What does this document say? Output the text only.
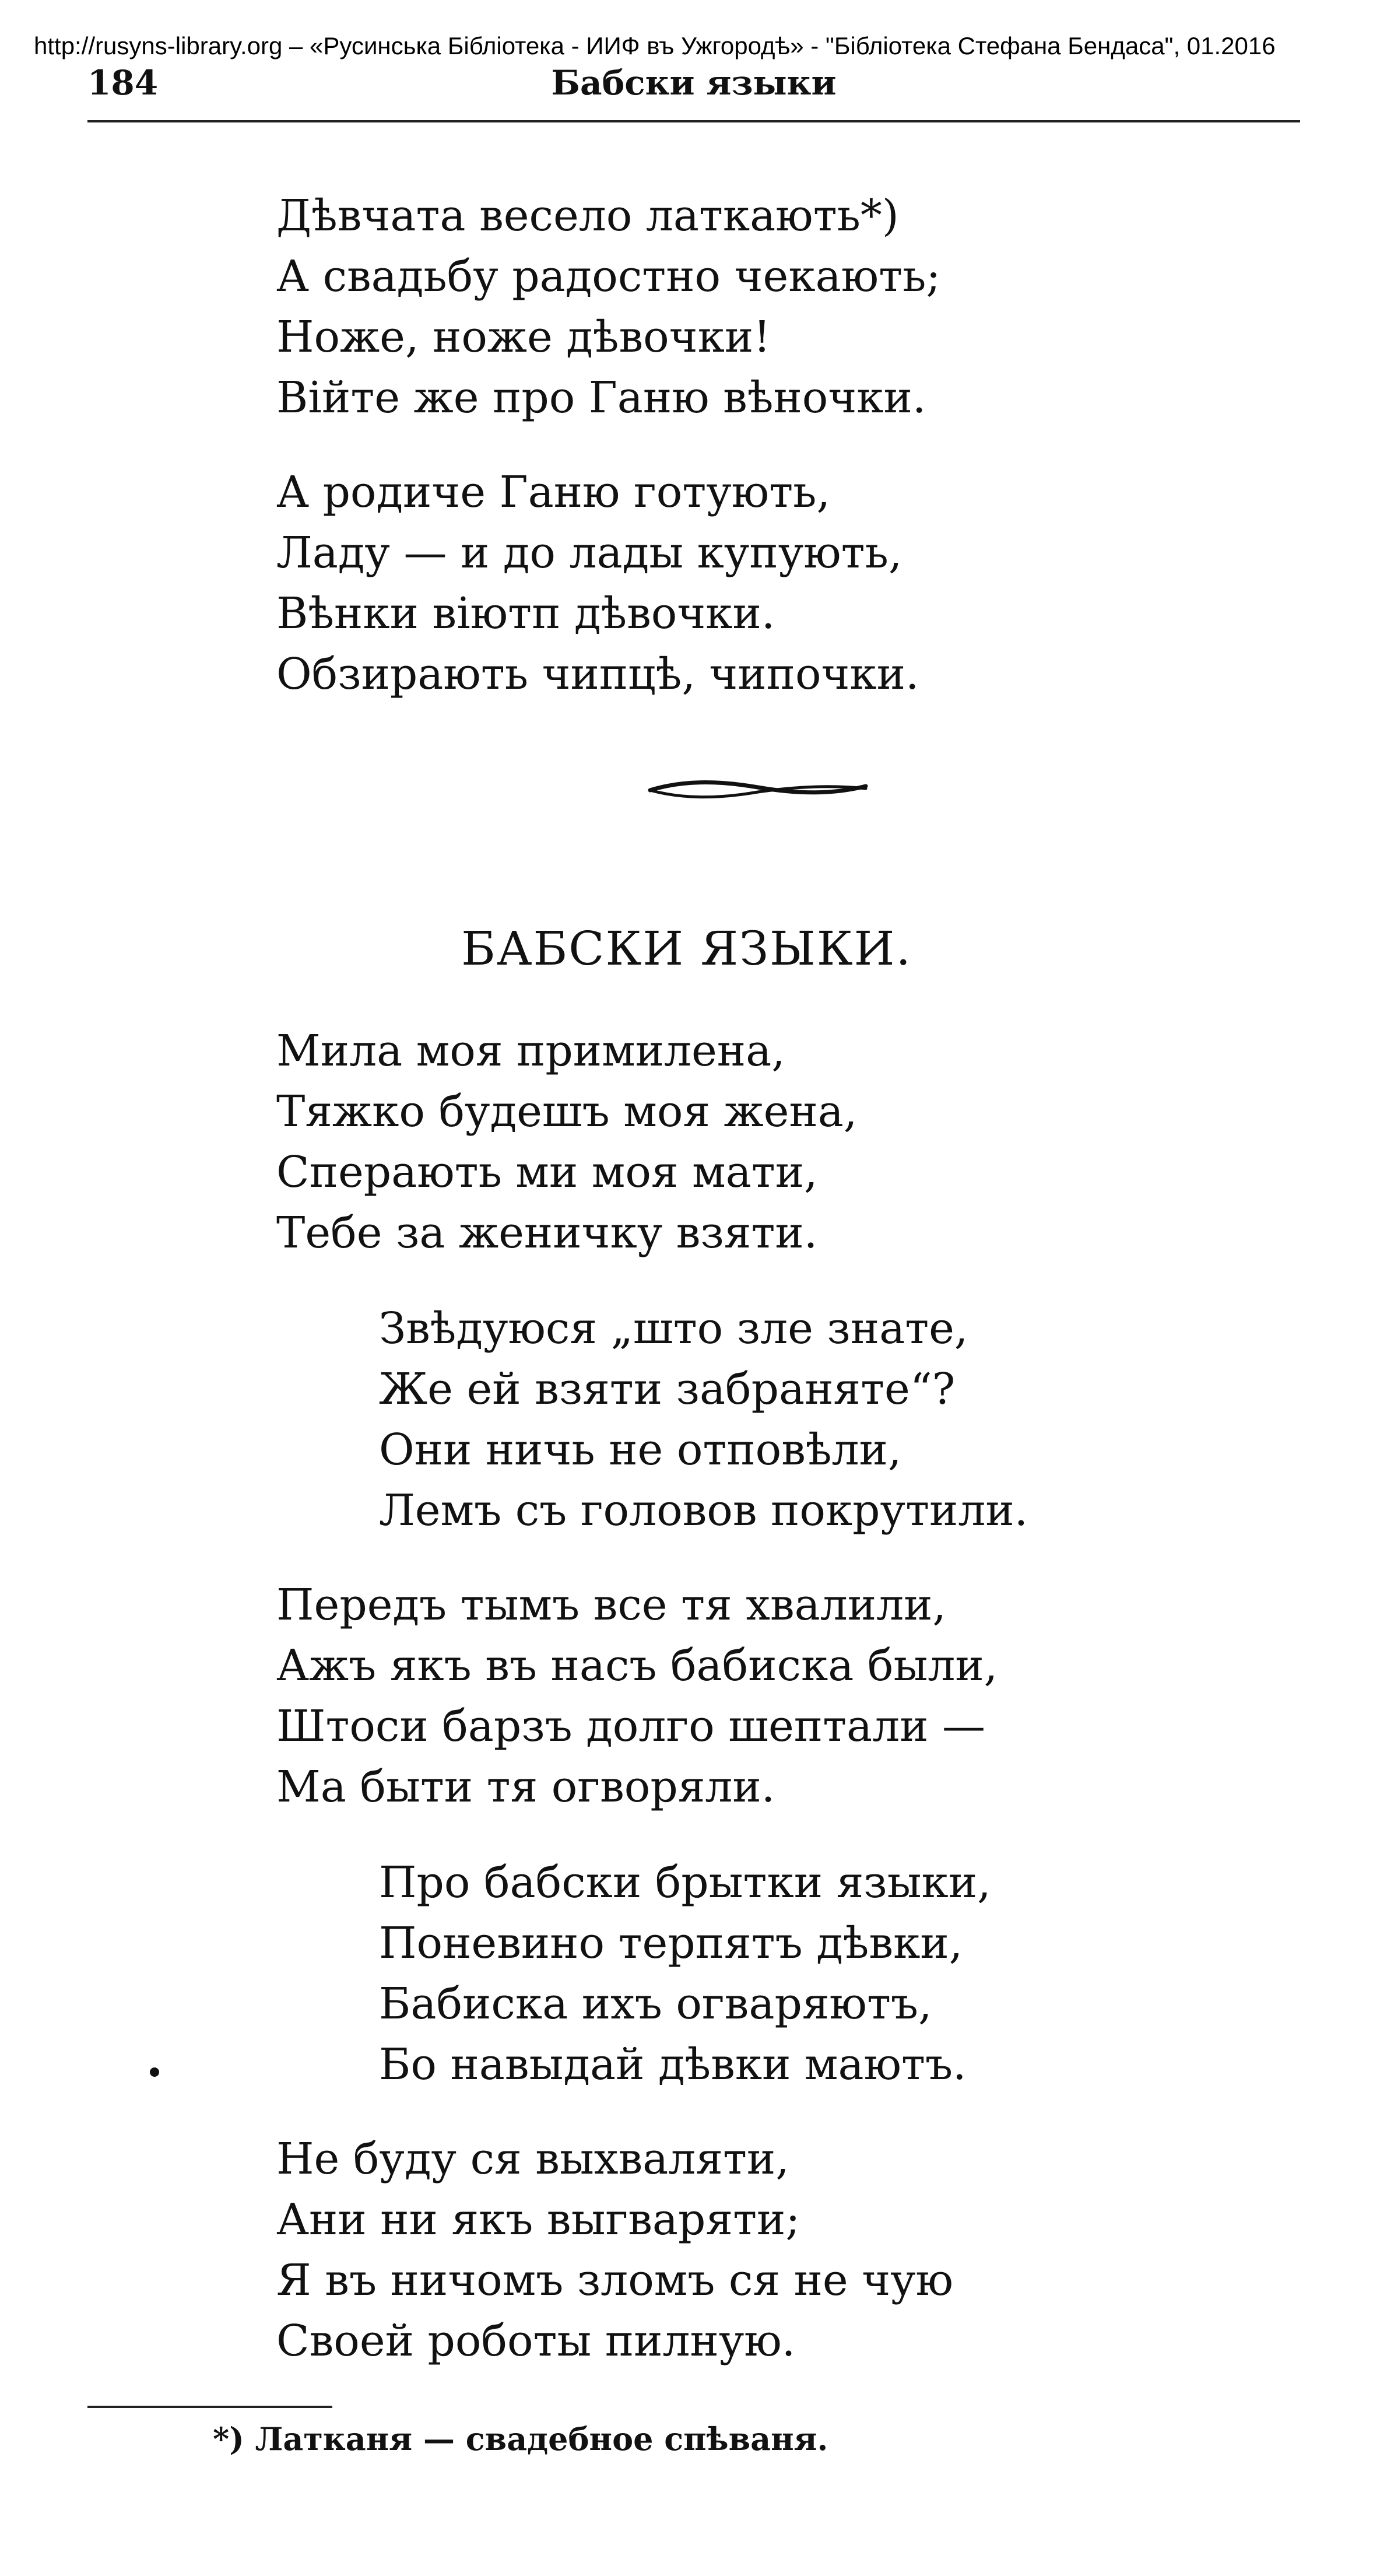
http://rusyns-library.org – «Русинська Бібліотека - ИИФ въ Ужгородѣ» - "Бібліотека Стефана Бендаса", 01.2016
184	Бабски языки
Дѣвчата весело латкають*)
А свадьбу радостно чекають;
Ноже, ноже дѣвочки!
Війте же про Ганю вѣночки.
А родиче Ганю готують,
Ладу — и до лады купують,
Вѣнки віютп дѣвочки.
Обзирають чипцѣ, чипочки.
БАБСКИ ЯЗЫКИ.
Мила моя примилена,
Тяжко будешъ моя жена,
Сперають ми моя мати,
Тебе за женичку взяти.
Звѣдуюся „што зле знате,
Же ей взяти забраняте“?
Они ничь не отповѣли,
Лемъ съ головов покрутили.
Передъ тымъ все тя хвалили,
Ажъ якъ въ насъ бабиска были,
Штоси барзъ долго шептали —
Ма быти тя огворяли.
Про бабски брытки языки,
Поневино терпятъ дѣвки,
Бабиска ихъ огваряютъ,
Бо навыдай дѣвки маютъ.
Не буду ся выхваляти,
Ани ни якъ выгваряти;
Я въ ничомъ зломъ ся не чую
Своей роботы пилную.
*) Латканя — свадебное спѣваня.
